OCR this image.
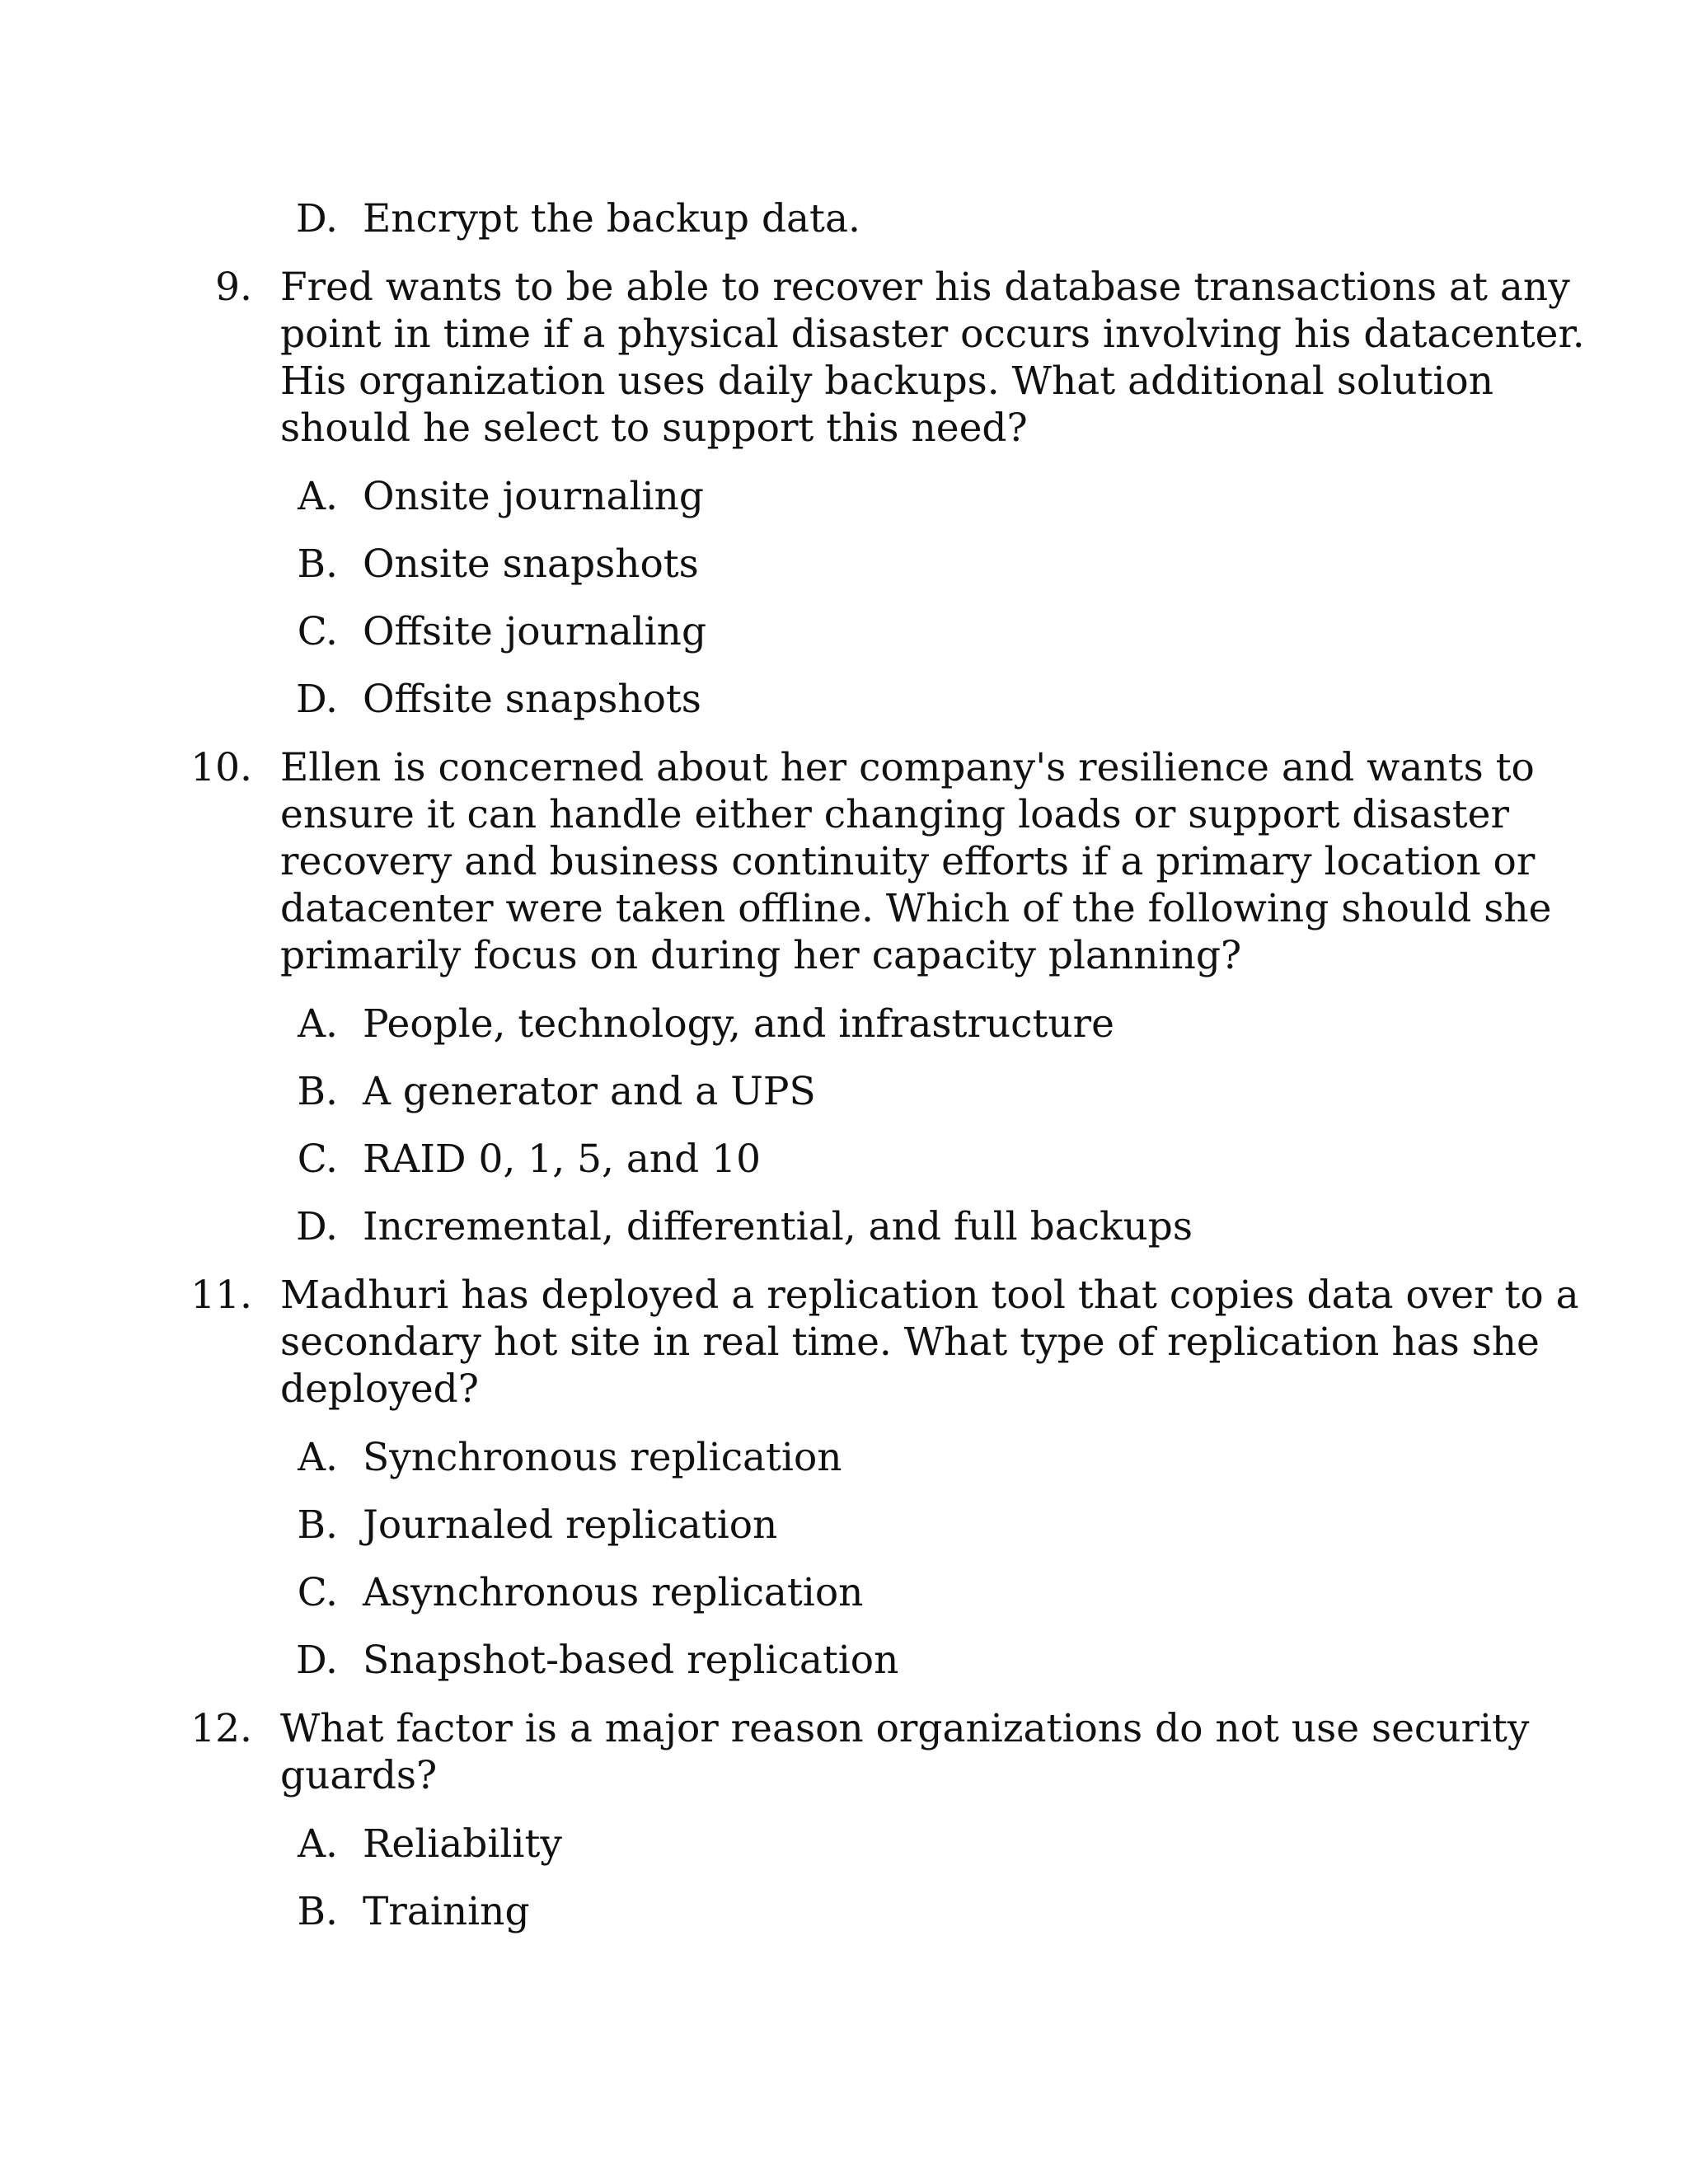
D. Encrypt the backup data.
9. Fred wants to be able to recover his database transactions at any
point in time if a physical disaster occurs involving his datacenter.
His organization uses daily backups. What additional solution
should he select to support this need?
A. Onsite journaling
B. Onsite snapshots
C. Offsite journaling
D. Offsite snapshots
10. Ellen is concerned about her company's resilience and wants to
ensure it can handle either changing loads or support disaster
recovery and business continuity efforts if a primary location or
datacenter were taken offline. Which of the following should she
primarily focus on during her capacity planning?
A. People, technology, and infrastructure
B. A generator and a UPS
C. RAID 0, 1, 5, and 10
D. Incremental, differential, and full backups
11. Madhuri has deployed a replication tool that copies data over to a
secondary hot site in real time. What type of replication has she
deployed?
A. Synchronous replication
B. Journaled replication
C. Asynchronous replication
D. Snapshot-based replication
12. What factor is a major reason organizations do not use security
guards?
A. Reliability
B. Training
